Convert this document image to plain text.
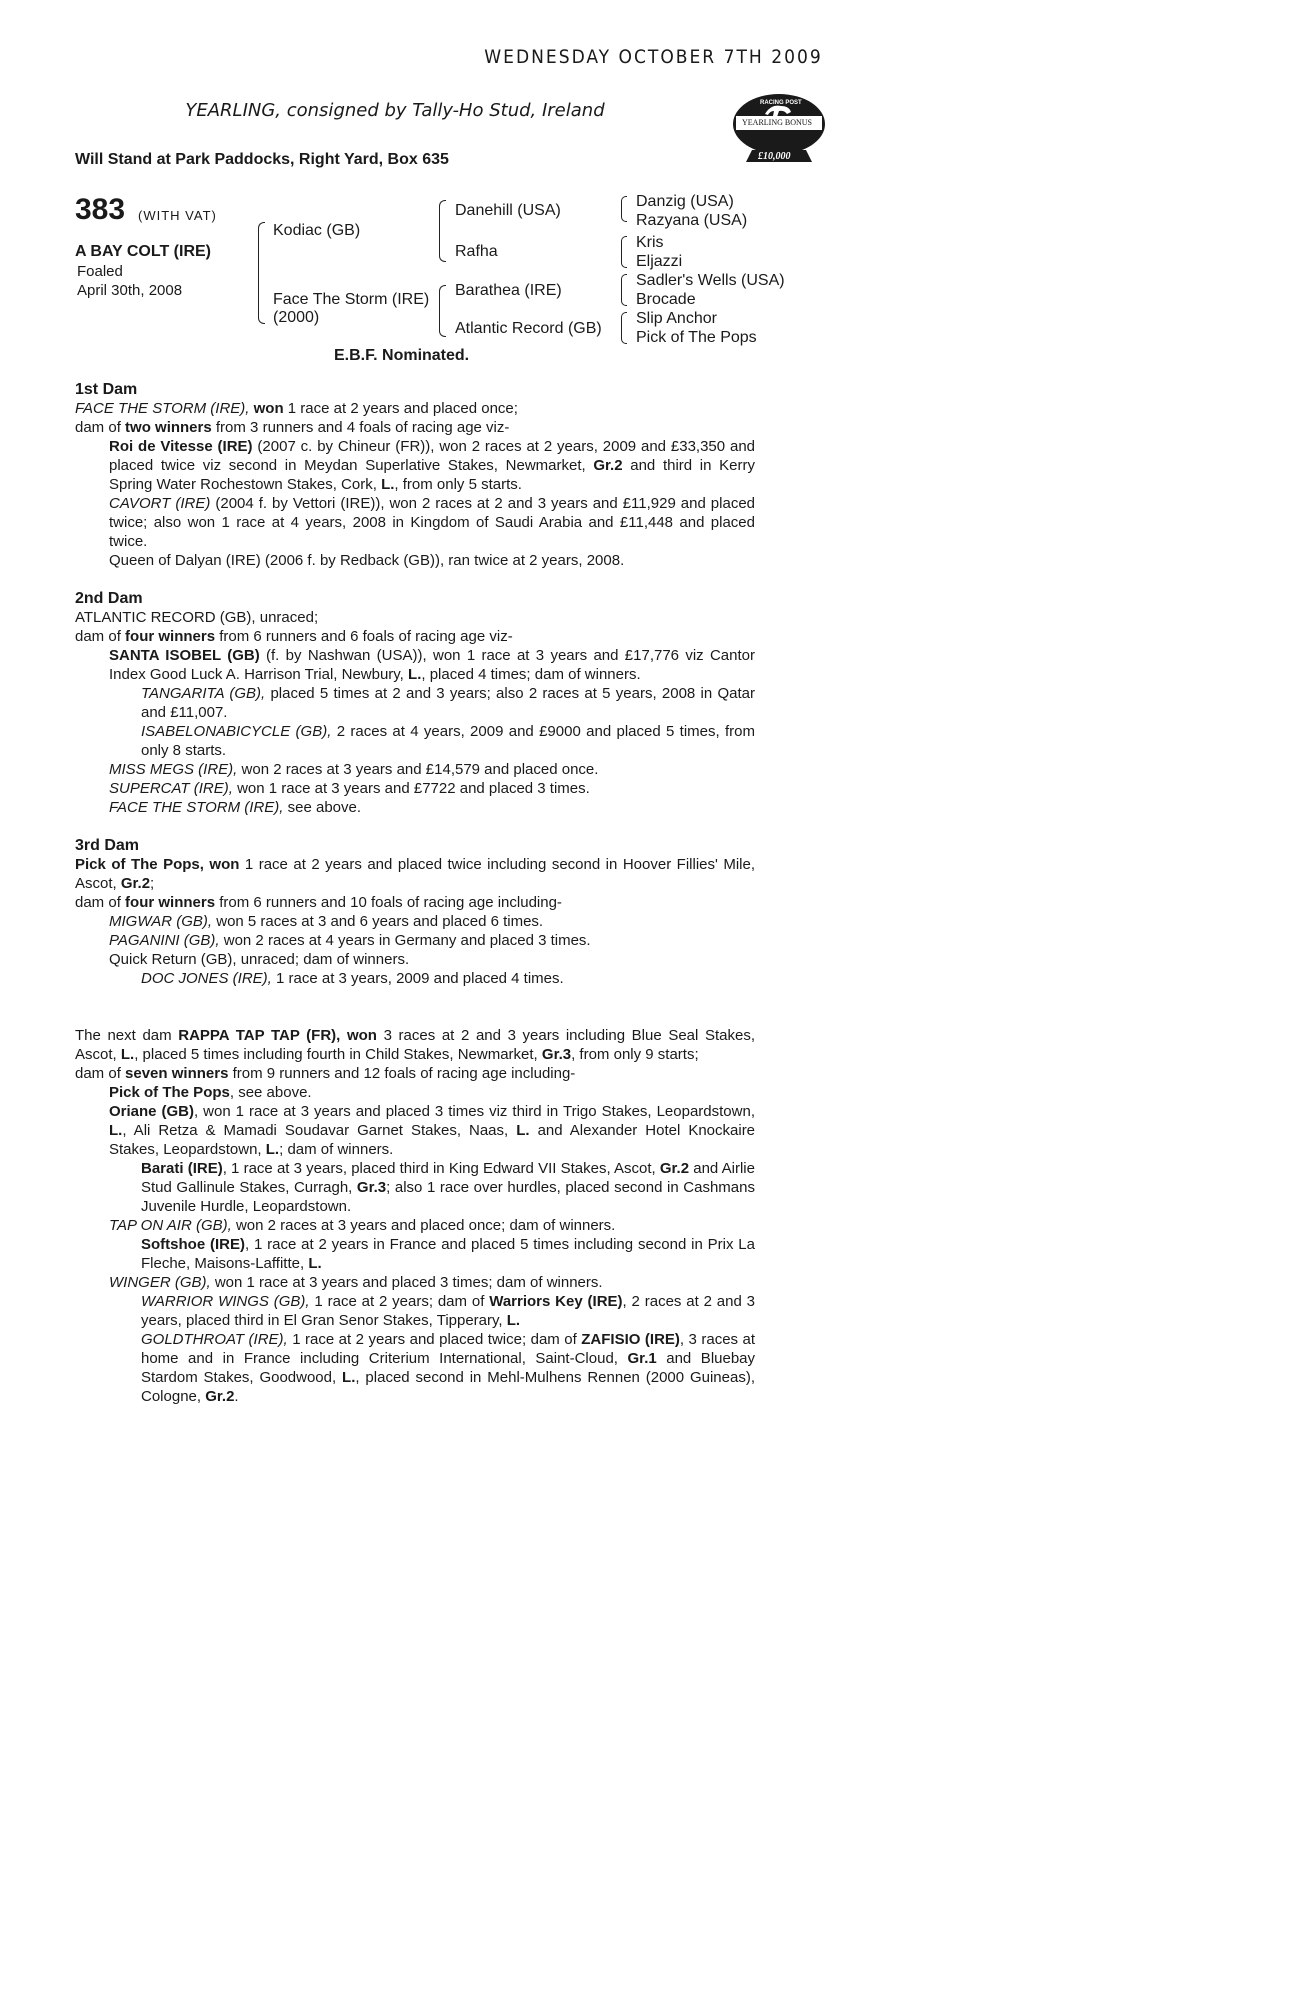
WEDNESDAY OCTOBER 7TH 2009
YEARLING, consigned by Tally-Ho Stud, Ireland
Will Stand at Park Paddocks, Right Yard, Box 635
RACING POST
YEARLING BONUS
£10,000
383 (WITH VAT)
A BAY COLT (IRE)
Foaled
April 30th, 2008
Kodiac (GB)
Face The Storm (IRE)
(2000)
Danehill (USA)
Rafha
Barathea (IRE)
Atlantic Record (GB)
Danzig (USA)
Razyana (USA)
Kris
Eljazzi
Sadler's Wells (USA)
Brocade
Slip Anchor
Pick of The Pops
E.B.F. Nominated.
1st Dam
FACE THE STORM (IRE), won 1 race at 2 years and placed once;
dam of two winners from 3 runners and 4 foals of racing age viz-
Roi de Vitesse (IRE) (2007 c. by Chineur (FR)), won 2 races at 2 years, 2009 and £33,350 and placed twice viz second in Meydan Superlative Stakes, Newmarket, Gr.2 and third in Kerry Spring Water Rochestown Stakes, Cork, L., from only 5 starts.
CAVORT (IRE) (2004 f. by Vettori (IRE)), won 2 races at 2 and 3 years and £11,929 and placed twice; also won 1 race at 4 years, 2008 in Kingdom of Saudi Arabia and £11,448 and placed twice.
Queen of Dalyan (IRE) (2006 f. by Redback (GB)), ran twice at 2 years, 2008.
2nd Dam
ATLANTIC RECORD (GB), unraced;
dam of four winners from 6 runners and 6 foals of racing age viz-
SANTA ISOBEL (GB) (f. by Nashwan (USA)), won 1 race at 3 years and £17,776 viz Cantor Index Good Luck A. Harrison Trial, Newbury, L., placed 4 times; dam of winners.
TANGARITA (GB), placed 5 times at 2 and 3 years; also 2 races at 5 years, 2008 in Qatar and £11,007.
ISABELONABICYCLE (GB), 2 races at 4 years, 2009 and £9000 and placed 5 times, from only 8 starts.
MISS MEGS (IRE), won 2 races at 3 years and £14,579 and placed once.
SUPERCAT (IRE), won 1 race at 3 years and £7722 and placed 3 times.
FACE THE STORM (IRE), see above.
3rd Dam
Pick of The Pops, won 1 race at 2 years and placed twice including second in Hoover Fillies' Mile, Ascot, Gr.2;
dam of four winners from 6 runners and 10 foals of racing age including-
MIGWAR (GB), won 5 races at 3 and 6 years and placed 6 times.
PAGANINI (GB), won 2 races at 4 years in Germany and placed 3 times.
Quick Return (GB), unraced; dam of winners.
DOC JONES (IRE), 1 race at 3 years, 2009 and placed 4 times.
The next dam RAPPA TAP TAP (FR), won 3 races at 2 and 3 years including Blue Seal Stakes, Ascot, L., placed 5 times including fourth in Child Stakes, Newmarket, Gr.3, from only 9 starts;
dam of seven winners from 9 runners and 12 foals of racing age including-
Pick of The Pops, see above.
Oriane (GB), won 1 race at 3 years and placed 3 times viz third in Trigo Stakes, Leopardstown, L., Ali Retza & Mamadi Soudavar Garnet Stakes, Naas, L. and Alexander Hotel Knockaire Stakes, Leopardstown, L.; dam of winners.
Barati (IRE), 1 race at 3 years, placed third in King Edward VII Stakes, Ascot, Gr.2 and Airlie Stud Gallinule Stakes, Curragh, Gr.3; also 1 race over hurdles, placed second in Cashmans Juvenile Hurdle, Leopardstown.
TAP ON AIR (GB), won 2 races at 3 years and placed once; dam of winners.
Softshoe (IRE), 1 race at 2 years in France and placed 5 times including second in Prix La Fleche, Maisons-Laffitte, L.
WINGER (GB), won 1 race at 3 years and placed 3 times; dam of winners.
WARRIOR WINGS (GB), 1 race at 2 years; dam of Warriors Key (IRE), 2 races at 2 and 3 years, placed third in El Gran Senor Stakes, Tipperary, L.
GOLDTHROAT (IRE), 1 race at 2 years and placed twice; dam of ZAFISIO (IRE), 3 races at home and in France including Criterium International, Saint-Cloud, Gr.1 and Bluebay Stardom Stakes, Goodwood, L., placed second in Mehl-Mulhens Rennen (2000 Guineas), Cologne, Gr.2.
